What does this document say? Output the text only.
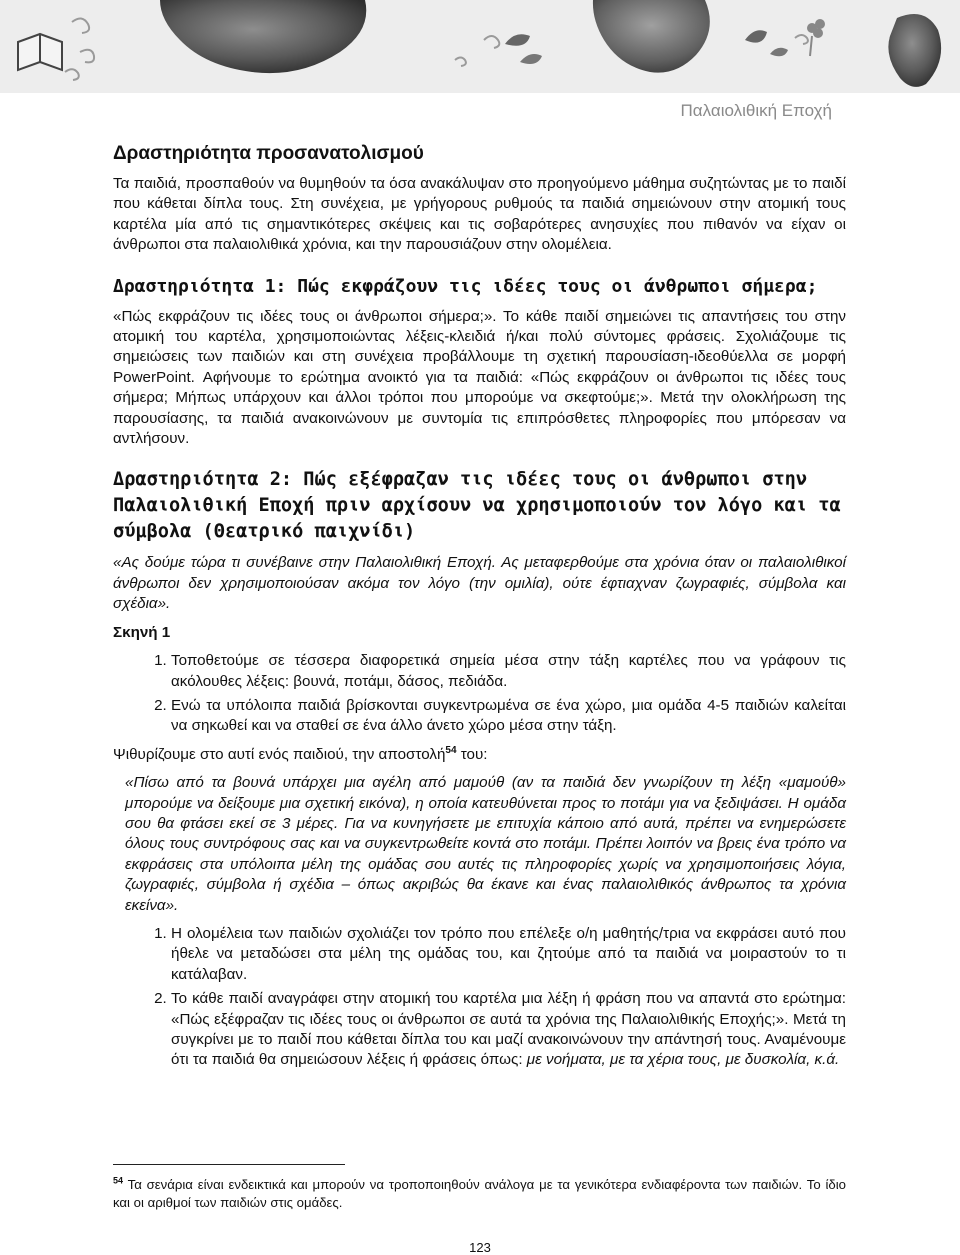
Παλαιολιθική Εποχή
Δραστηριότητα προσανατολισμού

Τα παιδιά, προσπαθούν να θυμηθούν τα όσα ανακάλυψαν στο προηγούμενο μάθημα συζητώντας με το παιδί που κάθεται δίπλα τους. Στη συνέχεια, με γρήγορους ρυθμούς τα παιδιά σημειώνουν στην ατομική τους καρτέλα μία από τις σημαντικότερες σκέψεις και τις σοβαρότερες ανησυχίες που πιθανόν να είχαν οι άνθρωποι στα παλαιολιθικά χρόνια, και την παρουσιάζουν στην ολομέλεια.

Δραστηριότητα 1: Πώς εκφράζουν τις ιδέες τους οι άνθρωποι σήμερα;

«Πώς εκφράζουν τις ιδέες τους οι άνθρωποι σήμερα;». Το κάθε παιδί σημειώνει τις απαντήσεις του στην ατομική του καρτέλα, χρησιμοποιώντας λέξεις-κλειδιά ή/και πολύ σύντομες φράσεις. Σχολιάζουμε τις σημειώσεις των παιδιών και στη συνέχεια προβάλλουμε τη σχετική παρουσίαση-ιδεοθύελλα σε μορφή PowerPoint. Αφήνουμε το ερώτημα ανοικτό για τα παιδιά: «Πώς εκφράζουν οι άνθρωποι τις ιδέες τους σήμερα; Μήπως υπάρχουν και άλλοι τρόποι που μπορούμε να σκεφτούμε;». Μετά την ολοκλήρωση της παρουσίασης, τα παιδιά ανακοινώνουν με συντομία τις επιπρόσθετες πληροφορίες που μπόρεσαν να αντλήσουν.

Δραστηριότητα 2: Πώς εξέφραζαν τις ιδέες τους οι άνθρωποι στην Παλαιολιθική Εποχή πριν αρχίσουν να χρησιμοποιούν τον λόγο και τα σύμβολα (Θεατρικό παιχνίδι)

«Ας δούμε τώρα τι συνέβαινε στην Παλαιολιθική Εποχή. Ας μεταφερθούμε στα χρόνια όταν οι παλαιολιθικοί άνθρωποι δεν χρησιμοποιούσαν ακόμα τον λόγο (την ομιλία), ούτε έφτιαχναν ζωγραφιές, σύμβολα και σχέδια».

Σκηνή 1

1. Τοποθετούμε σε τέσσερα διαφορετικά σημεία μέσα στην τάξη καρτέλες που να γράφουν τις ακόλουθες λέξεις: βουνά, ποτάμι, δάσος, πεδιάδα.
2. Ενώ τα υπόλοιπα παιδιά βρίσκονται συγκεντρωμένα σε ένα χώρο, μια ομάδα 4-5 παιδιών καλείται να σηκωθεί και να σταθεί σε ένα άλλο άνετο χώρο μέσα στην τάξη.

Ψιθυρίζουμε στο αυτί ενός παιδιού, την αποστολή$^{54}$ του:

«Πίσω από τα βουνά υπάρχει μια αγέλη από μαμούθ (αν τα παιδιά δεν γνωρίζουν τη λέξη «μαμούθ» μπορούμε να δείξουμε μια σχετική εικόνα), η οποία κατευθύνεται προς το ποτάμι για να ξεδιψάσει. Η ομάδα σου θα φτάσει εκεί σε 3 μέρες. Για να κυνηγήσετε με επιτυχία κάποιο από αυτά, πρέπει να ενημερώσετε όλους τους συντρόφους σας και να συγκεντρωθείτε κοντά στο ποτάμι. Πρέπει λοιπόν να βρεις ένα τρόπο να εκφράσεις στα υπόλοιπα μέλη της ομάδας σου αυτές τις πληροφορίες χωρίς να χρησιμοποιήσεις λόγια, ζωγραφιές, σύμβολα ή σχέδια – όπως ακριβώς θα έκανε και ένας παλαιολιθικός άνθρωπος τα χρόνια εκείνα».

1. Η ολομέλεια των παιδιών σχολιάζει τον τρόπο που επέλεξε ο/η μαθητής/τρια να εκφράσει αυτό που ήθελε να μεταδώσει στα μέλη της ομάδας του, και ζητούμε από τα παιδιά να μοιραστούν το τι κατάλαβαν.
2. Το κάθε παιδί αναγράφει στην ατομική του καρτέλα μια λέξη ή φράση που να απαντά στο ερώτημα: «Πώς εξέφραζαν τις ιδέες τους οι άνθρωποι σε αυτά τα χρόνια της Παλαιολιθικής Εποχής;». Μετά τη συγκρίνει με το παιδί που κάθεται δίπλα του και μαζί ανακοινώνουν την απάντησή τους. Αναμένουμε ότι τα παιδιά θα σημειώσουν λέξεις ή φράσεις όπως: με νοήματα, με τα χέρια τους, με δυσκολία, κ.ά.
$^{54}$ Τα σενάρια είναι ενδεικτικά και μπορούν να τροποποιηθούν ανάλογα με τα γενικότερα ενδιαφέροντα των παιδιών. Το ίδιο και οι αριθμοί των παιδιών στις ομάδες.
123
